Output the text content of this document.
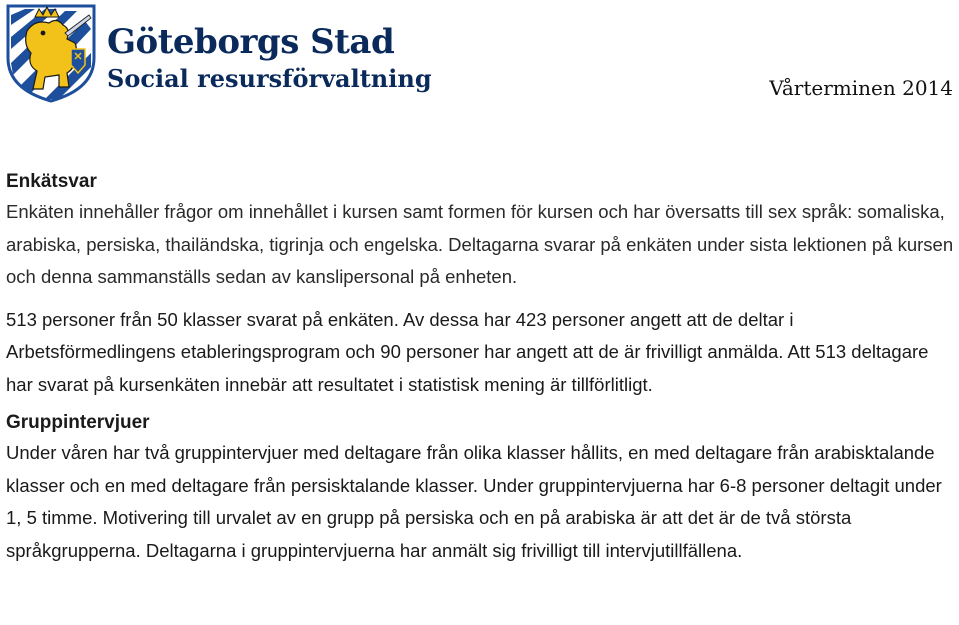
Göteborgs Stad
Social resursförvaltning	Vårterminen 2014

Enkätsvar

Enkäten innehåller frågor om innehållet i kursen samt formen för kursen och har översatts till sex språk: somaliska, arabiska, persiska, thailändska, tigrinja och engelska. Deltagarna svarar på enkäten under sista lektionen på kursen och denna sammanställs sedan av kanslipersonal på enheten.

513 personer från 50 klasser svarat på enkäten. Av dessa har 423 personer angett att de deltar i Arbetsförmedlingens etableringsprogram och 90 personer har angett att de är frivilligt anmälda. Att 513 deltagare har svarat på kursenkäten innebär att resultatet i statistisk mening är tillförlitligt.

Gruppintervjuer

Under våren har två gruppintervjuer med deltagare från olika klasser hållits, en med deltagare från arabisktalande klasser och en med deltagare från persisktalande klasser. Under gruppintervjuerna har 6-8 personer deltagit under 1, 5 timme. Motivering till urvalet av en grupp på persiska och en på arabiska är att det är de två största språkgrupperna. Deltagarna i gruppintervjuerna har anmält sig frivilligt till intervjutillfällena.
